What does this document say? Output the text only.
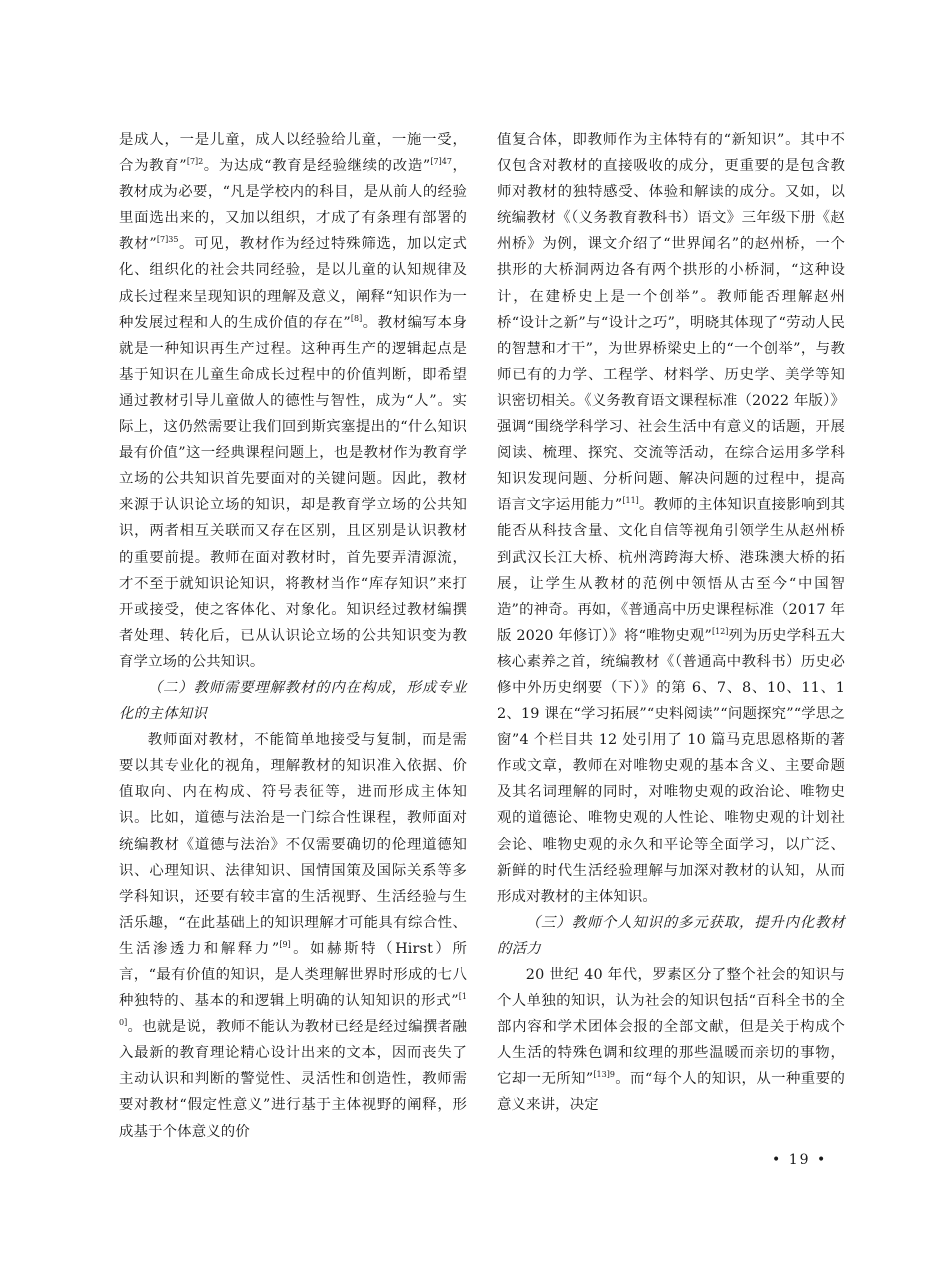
是成人，一是儿童，成人以经验给儿童，一施一受，合为教育”$^{[7]2}$。为达成“教育是经验继续的改造”$^{[7]47}$，教材成为必要，“凡是学校内的科目，是从前人的经验里面选出来的，又加以组织，才成了有条理有部署的教材”$^{[7]35}$。可见，教材作为经过特殊筛选，加以定式化、组织化的社会共同经验，是以儿童的认知规律及成长过程来呈现知识的理解及意义，阐释“知识作为一种发展过程和人的生成价值的存在”[8]。教材编写本身就是一种知识再生产过程。这种再生产的逻辑起点是基于知识在儿童生命成长过程中的价值判断，即希望通过教材引导儿童做人的德性与智性，成为“人”。实际上，这仍然需要让我们回到斯宾塞提出的“什么知识最有价值”这一经典课程问题上，也是教材作为教育学立场的公共知识首先要面对的关键问题。因此，教材来源于认识论立场的知识，却是教育学立场的公共知识，两者相互关联而又存在区别，且区别是认识教材的重要前提。教师在面对教材时，首先要弄清源流，才不至于就知识论知识，将教材当作“库存知识”来打开或接受，使之客体化、对象化。知识经过教材编撰者处理、转化后，已从认识论立场的公共知识变为教育学立场的公共知识。

（二）教师需要理解教材的内在构成，形成专业化的主体知识

教师面对教材，不能简单地接受与复制，而是需要以其专业化的视角，理解教材的知识准入依据、价值取向、内在构成、符号表征等，进而形成主体知识。比如，道德与法治是一门综合性课程，教师面对统编教材《道德与法治》不仅需要确切的伦理道德知识、心理知识、法律知识、国情国策及国际关系等多学科知识，还要有较丰富的生活视野、生活经验与生活乐趣，“在此基础上的知识理解才可能具有综合性、生活渗透力和解释力”[9]。如赫斯特（Hirst）所言，“最有价值的知识，是人类理解世界时形成的七八种独特的、基本的和逻辑上明确的认知知识的形式”[10]。也就是说，教师不能认为教材已经是经过编撰者融入最新的教育理论精心设计出来的文本，因而丧失了主动认识和判断的警觉性、灵活性和创造性，教师需要对教材“假定性意义”进行基于主体视野的阐释，形成基于个体意义的价

值复合体，即教师作为主体特有的“新知识”。其中不仅包含对教材的直接吸收的成分，更重要的是包含教师对教材的独特感受、体验和解读的成分。又如，以统编教材《（义务教育教科书）语文》三年级下册《赵州桥》为例，课文介绍了“世界闻名”的赵州桥，一个拱形的大桥洞两边各有两个拱形的小桥洞，“这种设计，在建桥史上是一个创举”。教师能否理解赵州桥“设计之新”与“设计之巧”，明晓其体现了“劳动人民的智慧和才干”，为世界桥梁史上的“一个创举”，与教师已有的力学、工程学、材料学、历史学、美学等知识密切相关。《义务教育语文课程标准（2022 年版）》强调“围绕学科学习、社会生活中有意义的话题，开展阅读、梳理、探究、交流等活动，在综合运用多学科知识发现问题、分析问题、解决问题的过程中，提高语言文字运用能力”[11]。教师的主体知识直接影响到其能否从科技含量、文化自信等视角引领学生从赵州桥到武汉长江大桥、杭州湾跨海大桥、港珠澳大桥的拓展，让学生从教材的范例中领悟从古至今“中国智造”的神奇。再如，《普通高中历史课程标准（2017 年版 2020 年修订）》将“唯物史观”[12]列为历史学科五大核心素养之首，统编教材《（普通高中教科书）历史必修中外历史纲要（下）》的第 6、7、8、10、11、12、19 课在“学习拓展”“史料阅读”“问题探究”“学思之窗”4 个栏目共 12 处引用了 10 篇马克思恩格斯的著作或文章，教师在对唯物史观的基本含义、主要命题及其名词理解的同时，对唯物史观的政治论、唯物史观的道德论、唯物史观的人性论、唯物史观的计划社会论、唯物史观的永久和平论等全面学习，以广泛、新鲜的时代生活经验理解与加深对教材的认知，从而形成对教材的主体知识。

（三）教师个人知识的多元获取，提升内化教材的活力

20 世纪 40 年代，罗素区分了整个社会的知识与个人单独的知识，认为社会的知识包括“百科全书的全部内容和学术团体会报的全部文献，但是关于构成个人生活的特殊色调和纹理的那些温暖而亲切的事物，它却一无所知”$^{[13]9}$。而“每个人的知识，从一种重要的意义来讲，决定

• 19 •
